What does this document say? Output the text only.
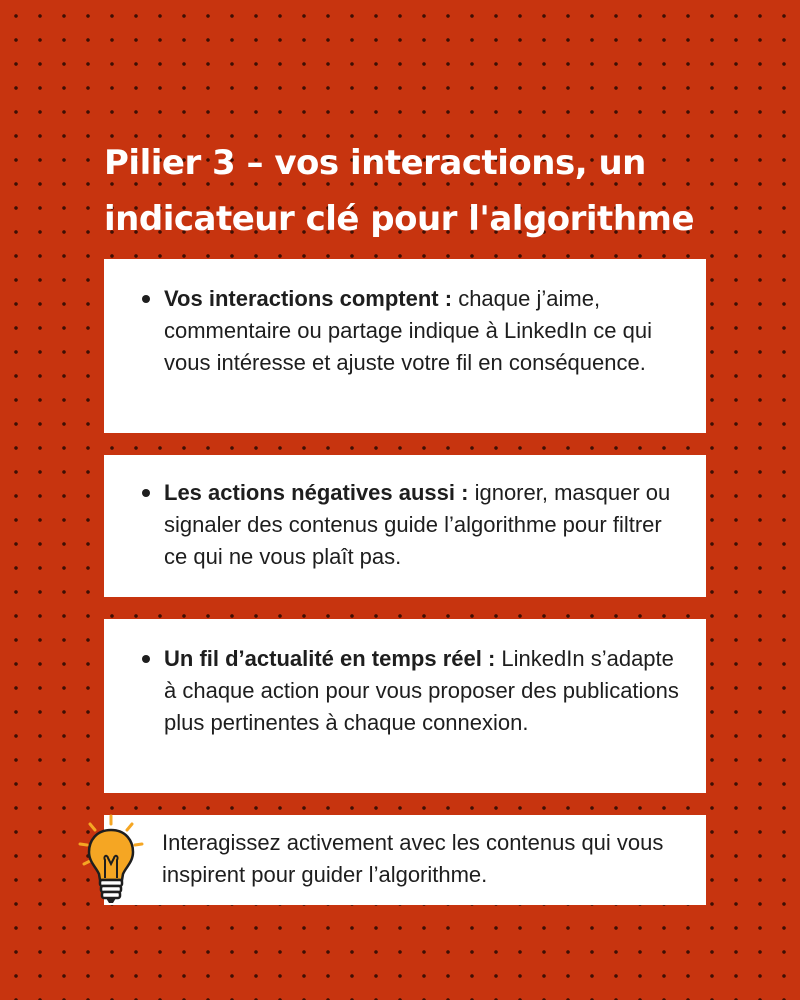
Pilier 3 – vos interactions, un indicateur clé pour l'algorithme
Vos interactions comptent : chaque j’aime, commentaire ou partage indique à LinkedIn ce qui vous intéresse et ajuste votre fil en conséquence.
Les actions négatives aussi : ignorer, masquer ou signaler des contenus guide l’algorithme pour filtrer ce qui ne vous plaît pas.
Un fil d’actualité en temps réel : LinkedIn s’adapte à chaque action pour vous proposer des publications plus pertinentes à chaque connexion.

Interagissez activement avec les contenus qui vous inspirent pour guider l’algorithme.
